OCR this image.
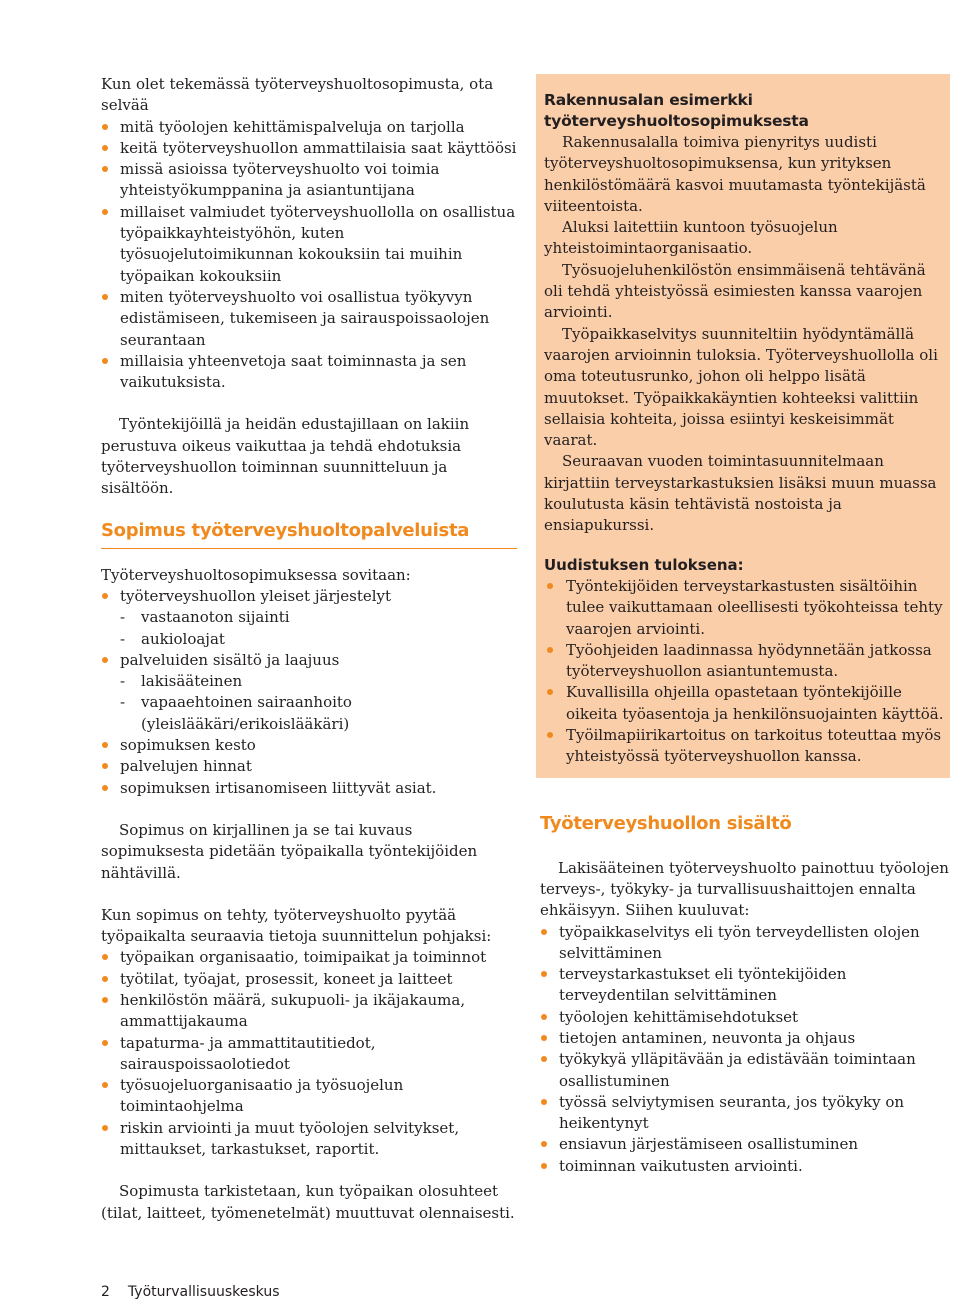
Kun olet tekemässä työterveyshuoltosopimusta, ota selvää

mitä työolojen kehittämispalveluja on tarjolla
keitä työterveyshuollon ammattilaisia saat käyttöösi
missä asioissa työterveyshuolto voi toimia yhteistyökumppanina ja asiantuntijana
millaiset valmiudet työterveyshuollolla on osallistua työpaikkayhteistyöhön, kuten työsuojelutoimikunnan kokouksiin tai muihin työpaikan kokouksiin
miten työterveyshuolto voi osallistua työkyvyn edistämiseen, tukemiseen ja sairauspoissaolojen seurantaan
millaisia yhteenvetoja saat toiminnasta ja sen vaikutuksista.

Työntekijöillä ja heidän edustajillaan on lakiin perustuva oikeus vaikuttaa ja tehdä ehdotuksia työterveyshuollon toiminnan suunnitteluun ja sisältöön.

Sopimus työterveyshuoltopalveluista

Työterveyshuoltosopimuksessa sovitaan:

työterveyshuollon yleiset järjestelyt
- vastaanoton sijainti
- aukioloajat
palveluiden sisältö ja laajuus
- lakisääteinen
- vapaaehtoinen sairaanhoito (yleislääkäri/erikoislääkäri)
sopimuksen kesto
palvelujen hinnat
sopimuksen irtisanomiseen liittyvät asiat.

Sopimus on kirjallinen ja se tai kuvaus sopimuksesta pidetään työpaikalla työntekijöiden nähtävillä.

Kun sopimus on tehty, työterveyshuolto pyytää työpaikalta seuraavia tietoja suunnittelun pohjaksi:

työpaikan organisaatio, toimipaikat ja toiminnot
työtilat, työajat, prosessit, koneet ja laitteet
henkilöstön määrä, sukupuoli- ja ikäjakauma, ammattijakauma
tapaturma- ja ammattitautitiedot, sairauspoissaolotiedot
työsuojeluorganisaatio ja työsuojelun toimintaohjelma
riskin arviointi ja muut työolojen selvitykset, mittaukset, tarkastukset, raportit.

Sopimusta tarkistetaan, kun työpaikan olosuhteet (tilat, laitteet, työmenetelmät) muuttuvat olennaisesti.

Rakennusalan esimerkki työterveyshuoltosopimuksesta

Rakennusalalla toimiva pienyritys uudisti työterveyshuoltosopimuksensa, kun yrityksen henkilöstömäärä kasvoi muutamasta työntekijästä viiteentoista.

Aluksi laitettiin kuntoon työsuojelun yhteistoimintaorganisaatio.

Työsuojeluhenkilöstön ensimmäisenä tehtävänä oli tehdä yhteistyössä esimiesten kanssa vaarojen arviointi.

Työpaikkaselvitys suunniteltiin hyödyntämällä vaarojen arvioinnin tuloksia. Työterveyshuollolla oli oma toteutusrunko, johon oli helppo lisätä muutokset. Työpaikkakäyntien kohteeksi valittiin sellaisia kohteita, joissa esiintyi keskeisimmät vaarat.

Seuraavan vuoden toimintasuunnitelmaan kirjattiin terveystarkastuksien lisäksi muun muassa koulutusta käsin tehtävistä nostoista ja ensiapukurssi.

Uudistuksen tuloksena:

Työntekijöiden terveystarkastusten sisältöihin tulee vaikuttamaan oleellisesti työkohteissa tehty vaarojen arviointi.
Työohjeiden laadinnassa hyödynnetään jatkossa työterveyshuollon asiantuntemusta.
Kuvallisilla ohjeilla opastetaan työntekijöille oikeita työasentoja ja henkilönsuojainten käyttöä.
Työilmapiirikartoitus on tarkoitus toteuttaa myös yhteistyössä työterveyshuollon kanssa.
Työterveyshuollon sisältö

Lakisääteinen työterveyshuolto painottuu työolojen terveys-, työkyky- ja turvallisuushaittojen ennalta ehkäisyyn. Siihen kuuluvat:

työpaikkaselvitys eli työn terveydellisten olojen selvittäminen
terveystarkastukset eli työntekijöiden terveydentilan selvittäminen
työolojen kehittämisehdotukset
tietojen antaminen, neuvonta ja ohjaus
työkykyä ylläpitävään ja edistävään toimintaan osallistuminen
työssä selviytymisen seuranta, jos työkyky on heikentynyt
ensiavun järjestämiseen osallistuminen
toiminnan vaikutusten arviointi.
2 Työturvallisuuskeskus
